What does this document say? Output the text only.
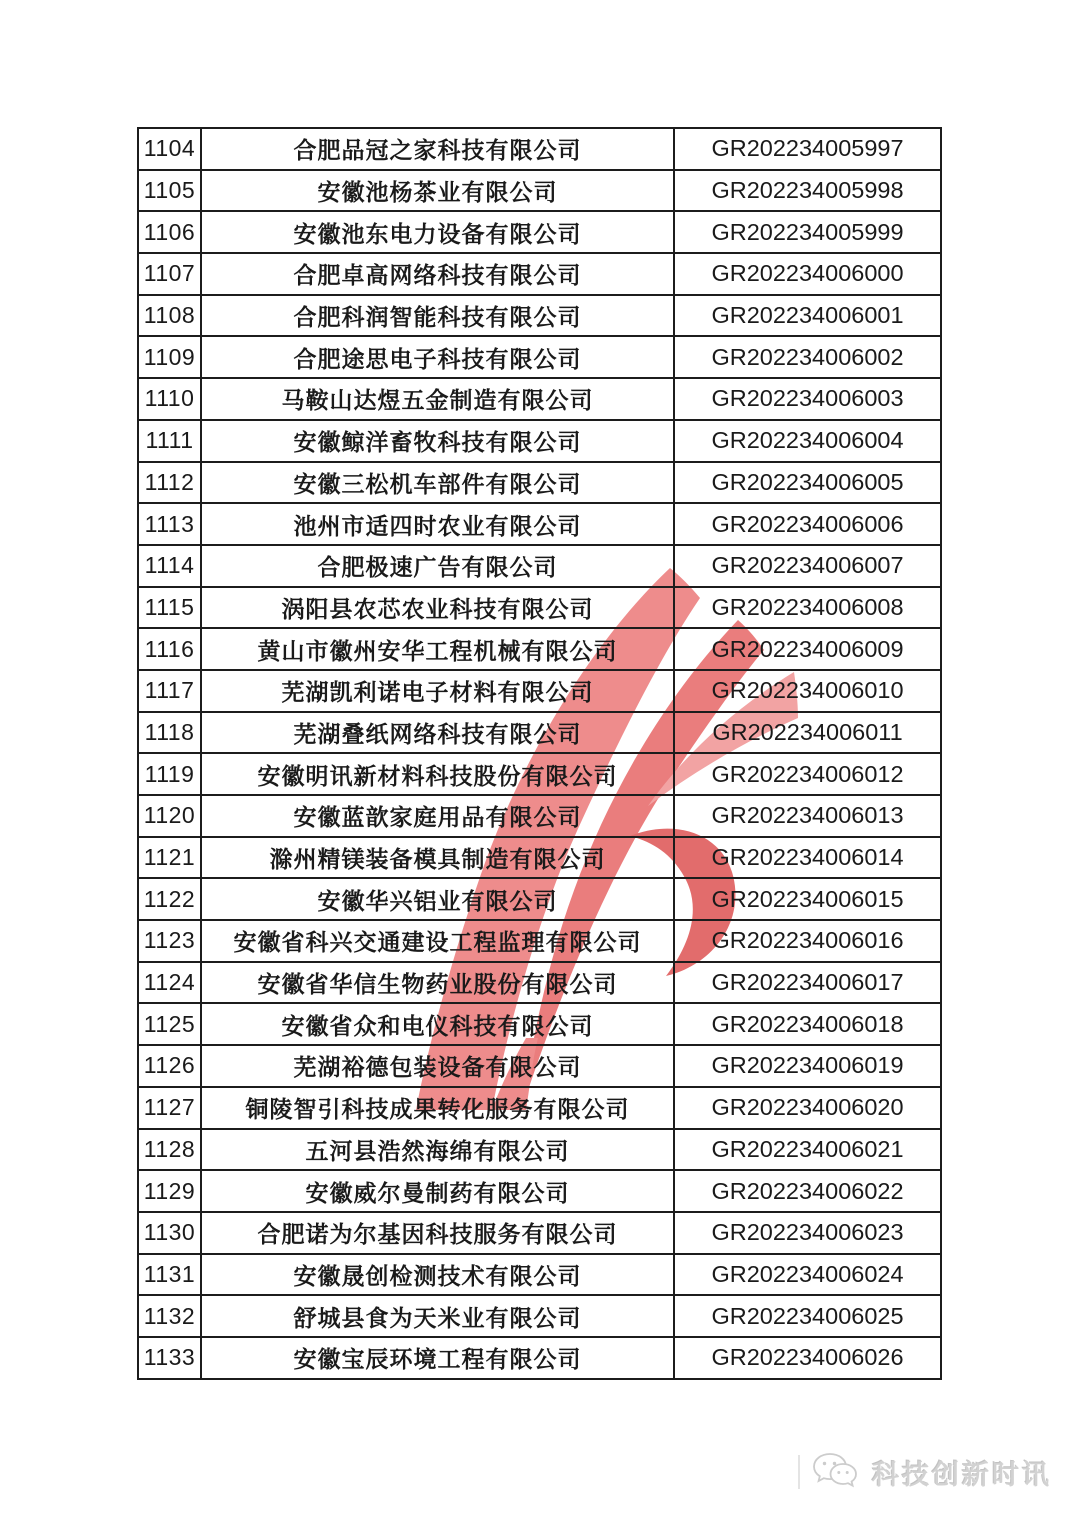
1104	合肥品冠之家科技有限公司	GR202234005997
1105	安徽池杨茶业有限公司	GR202234005998
1106	安徽池东电力设备有限公司	GR202234005999
1107	合肥卓高网络科技有限公司	GR202234006000
1108	合肥科润智能科技有限公司	GR202234006001
1109	合肥途思电子科技有限公司	GR202234006002
1110	马鞍山达煜五金制造有限公司	GR202234006003
1111	安徽鲸洋畜牧科技有限公司	GR202234006004
1112	安徽三松机车部件有限公司	GR202234006005
1113	池州市适四时农业有限公司	GR202234006006
1114	合肥极速广告有限公司	GR202234006007
1115	涡阳县农芯农业科技有限公司	GR202234006008
1116	黄山市徽州安华工程机械有限公司	GR202234006009
1117	芜湖凯利诺电子材料有限公司	GR202234006010
1118	芜湖叠纸网络科技有限公司	GR202234006011
1119	安徽明讯新材料科技股份有限公司	GR202234006012
1120	安徽蓝歆家庭用品有限公司	GR202234006013
1121	滁州精镁装备模具制造有限公司	GR202234006014
1122	安徽华兴铝业有限公司	GR202234006015
1123	安徽省科兴交通建设工程监理有限公司	GR202234006016
1124	安徽省华信生物药业股份有限公司	GR202234006017
1125	安徽省众和电仪科技有限公司	GR202234006018
1126	芜湖裕德包装设备有限公司	GR202234006019
1127	铜陵智引科技成果转化服务有限公司	GR202234006020
1128	五河县浩然海绵有限公司	GR202234006021
1129	安徽威尔曼制药有限公司	GR202234006022
1130	合肥诺为尔基因科技服务有限公司	GR202234006023
1131	安徽晟创检测技术有限公司	GR202234006024
1132	舒城县食为天米业有限公司	GR202234006025
1133	安徽宝辰环境工程有限公司	GR202234006026
科技创新时讯
